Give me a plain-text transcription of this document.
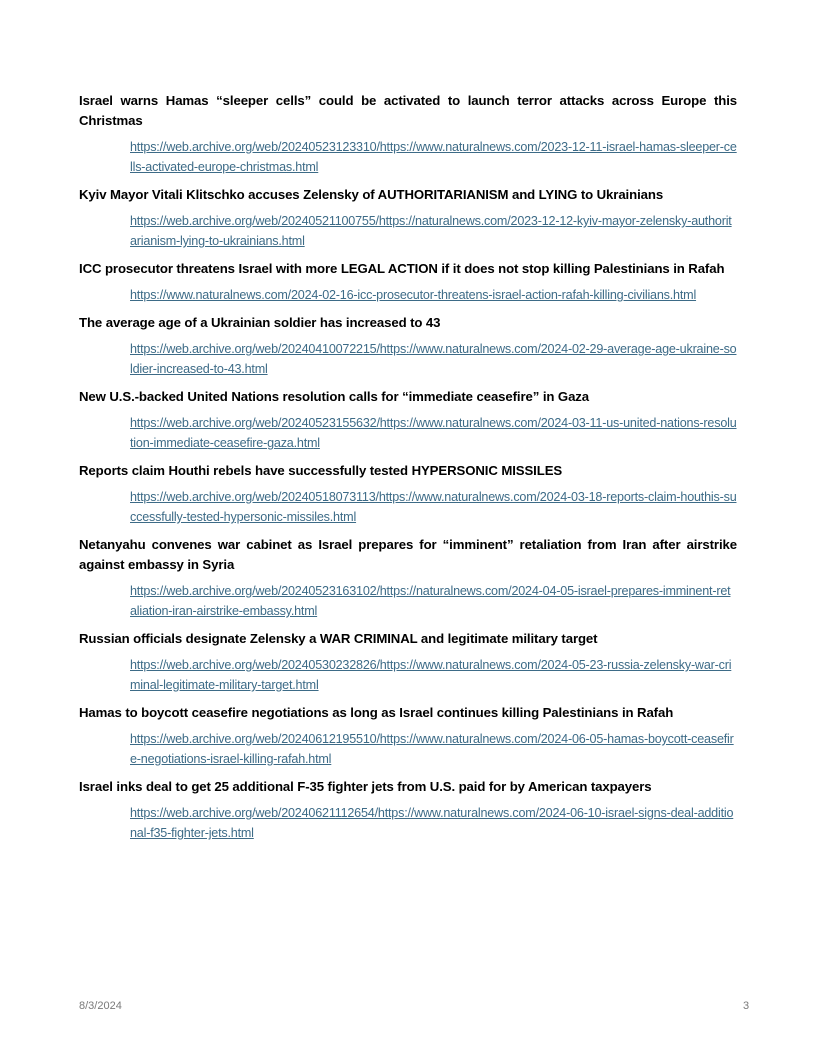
Israel warns Hamas “sleeper cells” could be activated to launch terror attacks across Europe this Christmas

https://web.archive.org/web/20240523123310/https://www.naturalnews.com/2023-12-11-israel-hamas-sleeper-cells-activated-europe-christmas.html

Kyiv Mayor Vitali Klitschko accuses Zelensky of AUTHORITARIANISM and LYING to Ukrainians

https://web.archive.org/web/20240521100755/https://naturalnews.com/2023-12-12-kyiv-mayor-zelensky-authoritarianism-lying-to-ukrainians.html

ICC prosecutor threatens Israel with more LEGAL ACTION if it does not stop killing Palestinians in Rafah

https://www.naturalnews.com/2024-02-16-icc-prosecutor-threatens-israel-action-rafah-killing-civilians.html

The average age of a Ukrainian soldier has increased to 43

https://web.archive.org/web/20240410072215/https://www.naturalnews.com/2024-02-29-average-age-ukraine-soldier-increased-to-43.html

New U.S.-backed United Nations resolution calls for “immediate ceasefire” in Gaza

https://web.archive.org/web/20240523155632/https://www.naturalnews.com/2024-03-11-us-united-nations-resolution-immediate-ceasefire-gaza.html

Reports claim Houthi rebels have successfully tested HYPERSONIC MISSILES

https://web.archive.org/web/20240518073113/https://www.naturalnews.com/2024-03-18-reports-claim-houthis-successfully-tested-hypersonic-missiles.html

Netanyahu convenes war cabinet as Israel prepares for “imminent” retaliation from Iran after airstrike against embassy in Syria

https://web.archive.org/web/20240523163102/https://naturalnews.com/2024-04-05-israel-prepares-imminent-retaliation-iran-airstrike-embassy.html

Russian officials designate Zelensky a WAR CRIMINAL and legitimate military target

https://web.archive.org/web/20240530232826/https://www.naturalnews.com/2024-05-23-russia-zelensky-war-criminal-legitimate-military-target.html

Hamas to boycott ceasefire negotiations as long as Israel continues killing Palestinians in Rafah

https://web.archive.org/web/20240612195510/https://www.naturalnews.com/2024-06-05-hamas-boycott-ceasefire-negotiations-israel-killing-rafah.html

Israel inks deal to get 25 additional F-35 fighter jets from U.S. paid for by American taxpayers

https://web.archive.org/web/20240621112654/https://www.naturalnews.com/2024-06-10-israel-signs-deal-additional-f35-fighter-jets.html
8/3/2024	3
